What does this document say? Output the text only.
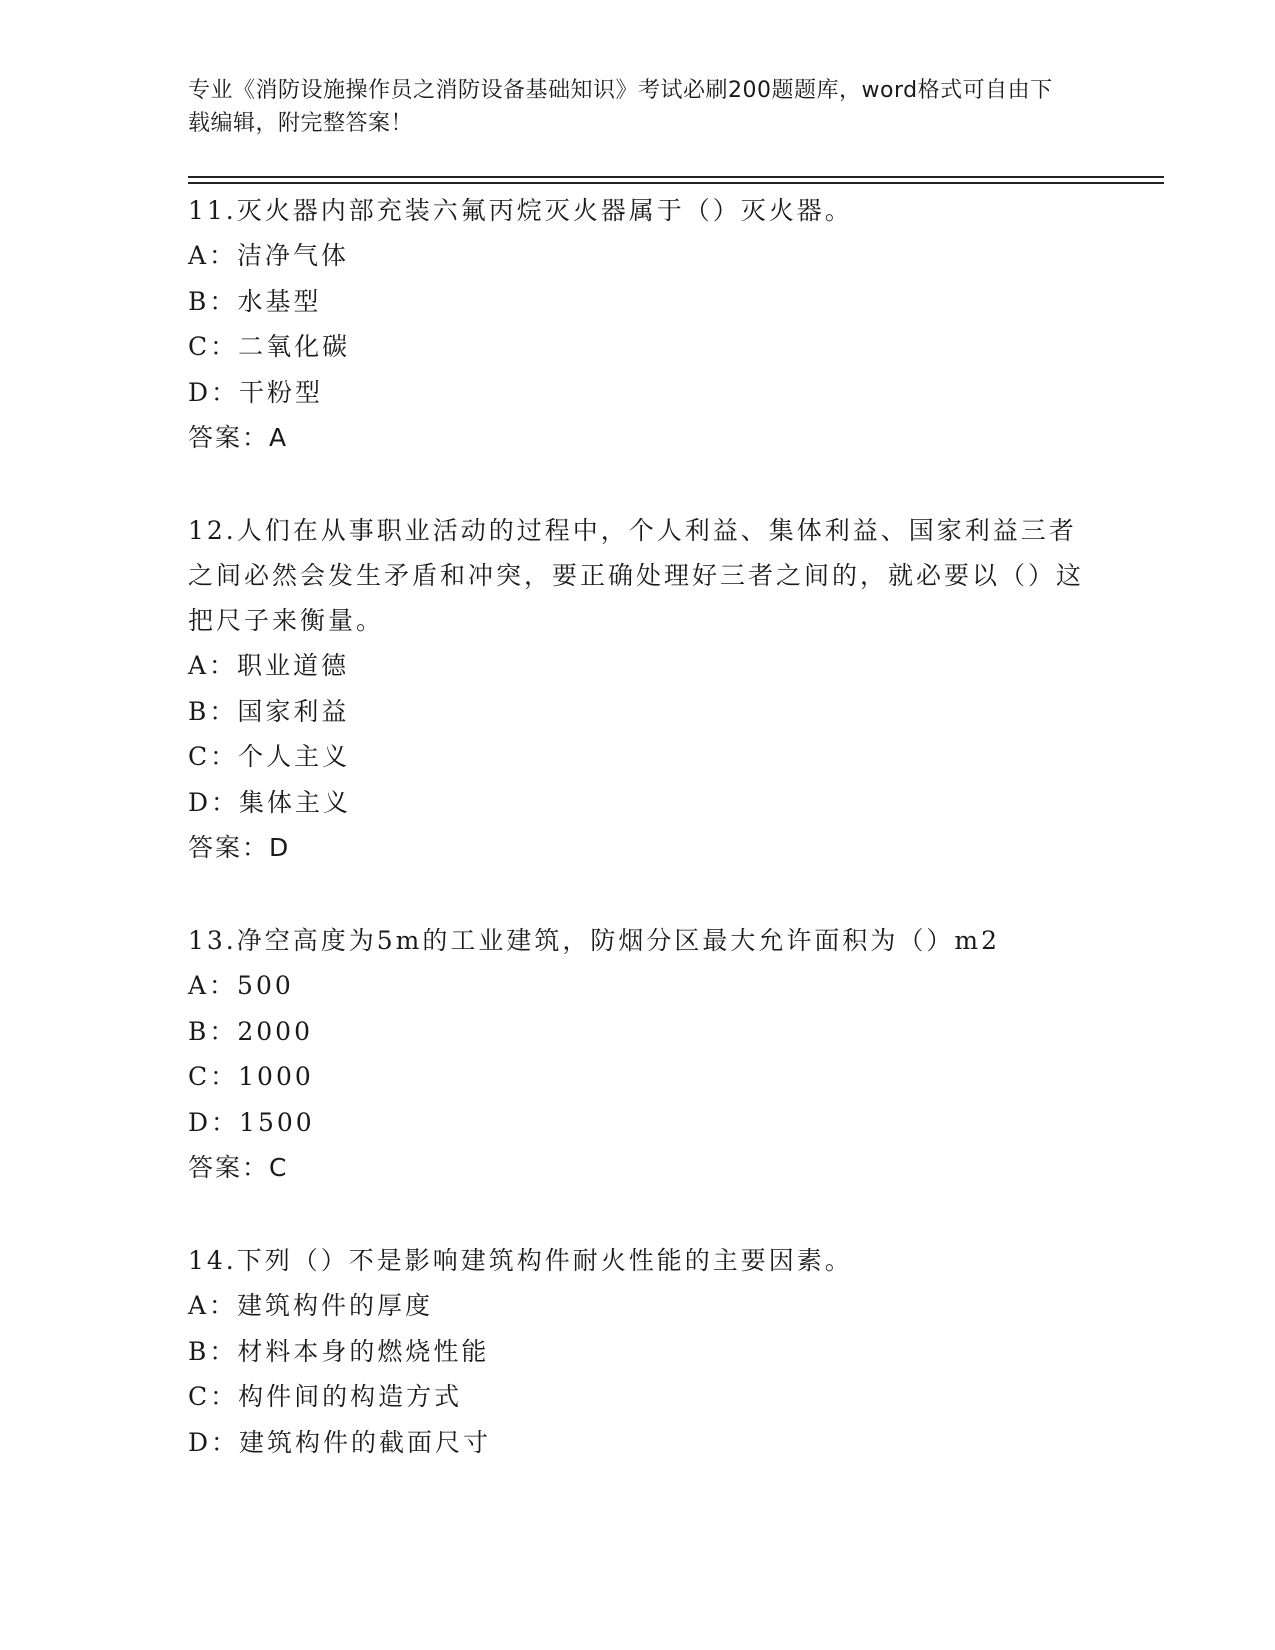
专业《消防设施操作员之消防设备基础知识》考试必刷200题题库，word格式可自由下载编辑，附完整答案！

11.灭火器内部充装六氟丙烷灭火器属于（）灭火器。

A：洁净气体

B：水基型

C：二氧化碳

D：干粉型

答案：A

12.人们在从事职业活动的过程中，个人利益、集体利益、国家利益三者之间必然会发生矛盾和冲突，要正确处理好三者之间的，就必要以（）这把尺子来衡量。

A：职业道德

B：国家利益

C：个人主义

D：集体主义

答案：D

13.净空高度为5m的工业建筑，防烟分区最大允许面积为（）m2

A：500

B：2000

C：1000

D：1500

答案：C

14.下列（）不是影响建筑构件耐火性能的主要因素。

A：建筑构件的厚度

B：材料本身的燃烧性能

C：构件间的构造方式

D：建筑构件的截面尺寸
